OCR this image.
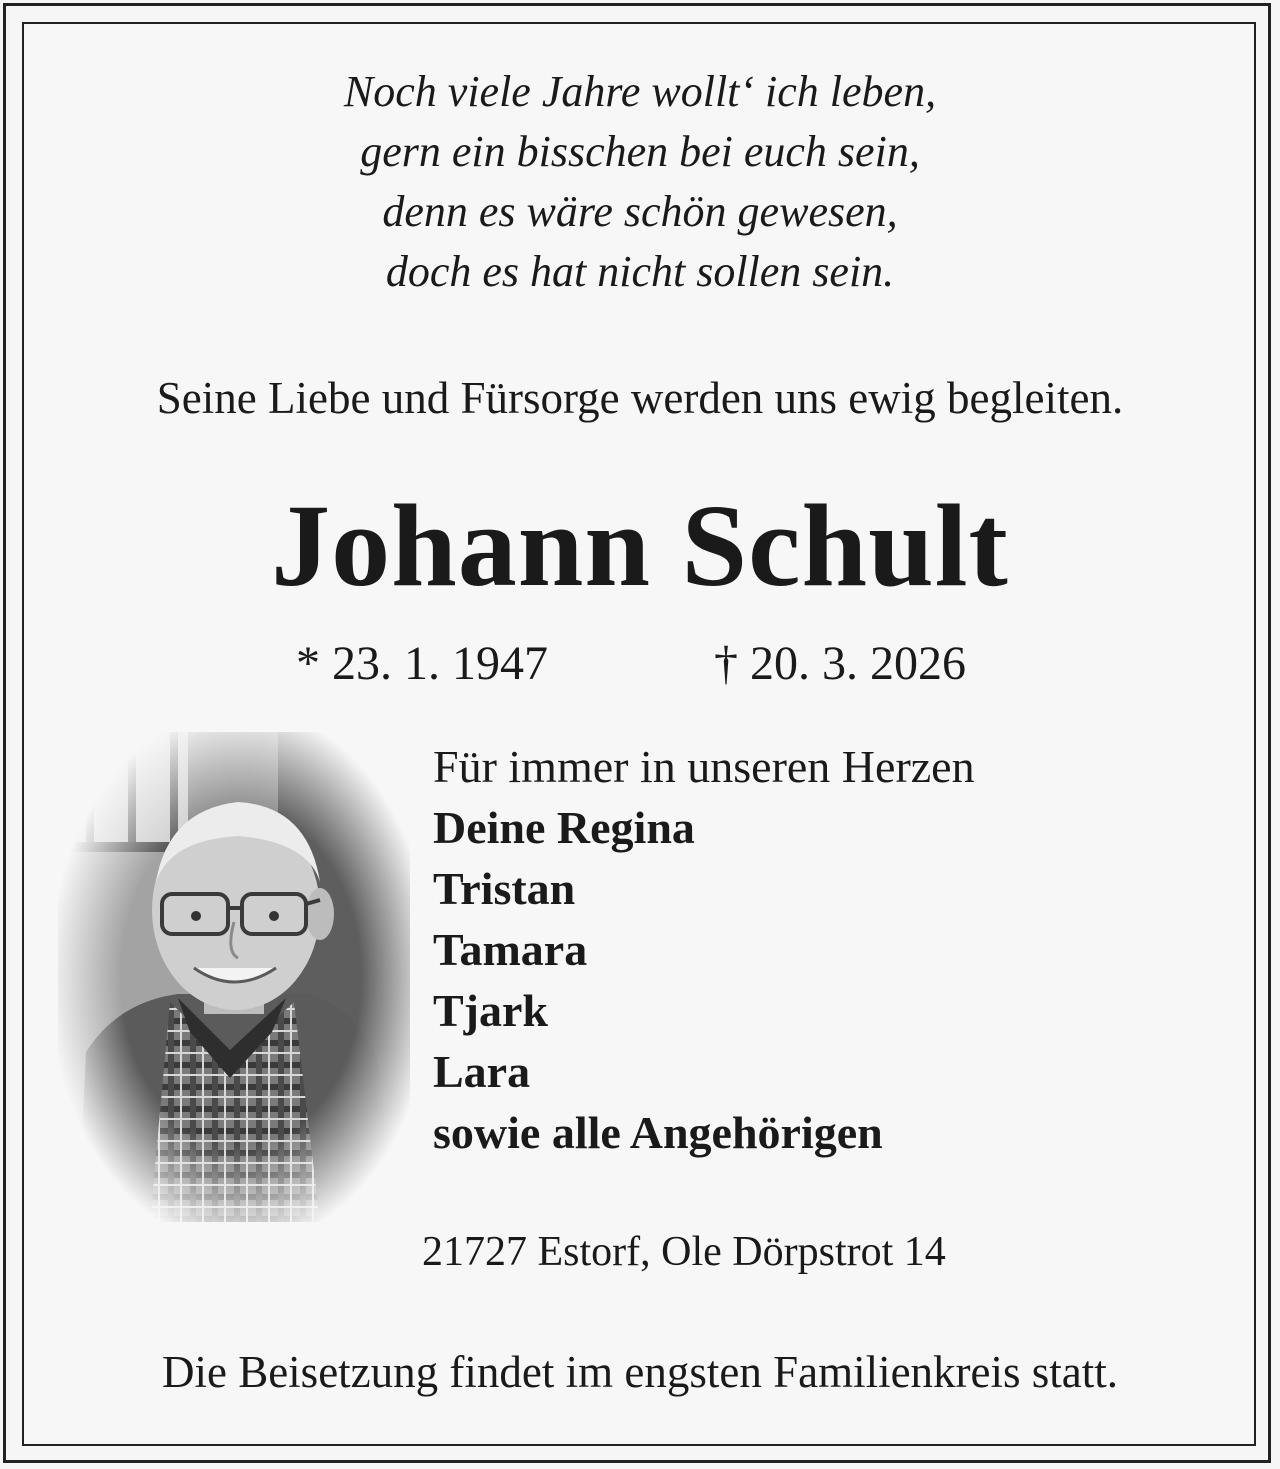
Noch viele Jahre wollt‘ ich leben,
gern ein bisschen bei euch sein,
denn es wäre schön gewesen,
doch es hat nicht sollen sein.
Seine Liebe und Fürsorge werden uns ewig begleiten.
Johann Schult
* 23. 1. 1947	† 20. 3. 2026
Für immer in unseren Herzen
Deine Regina
Tristan
Tamara
Tjark
Lara
sowie alle Angehörigen
21727 Estorf, Ole Dörpstrot 14
Die Beisetzung findet im engsten Familienkreis statt.
